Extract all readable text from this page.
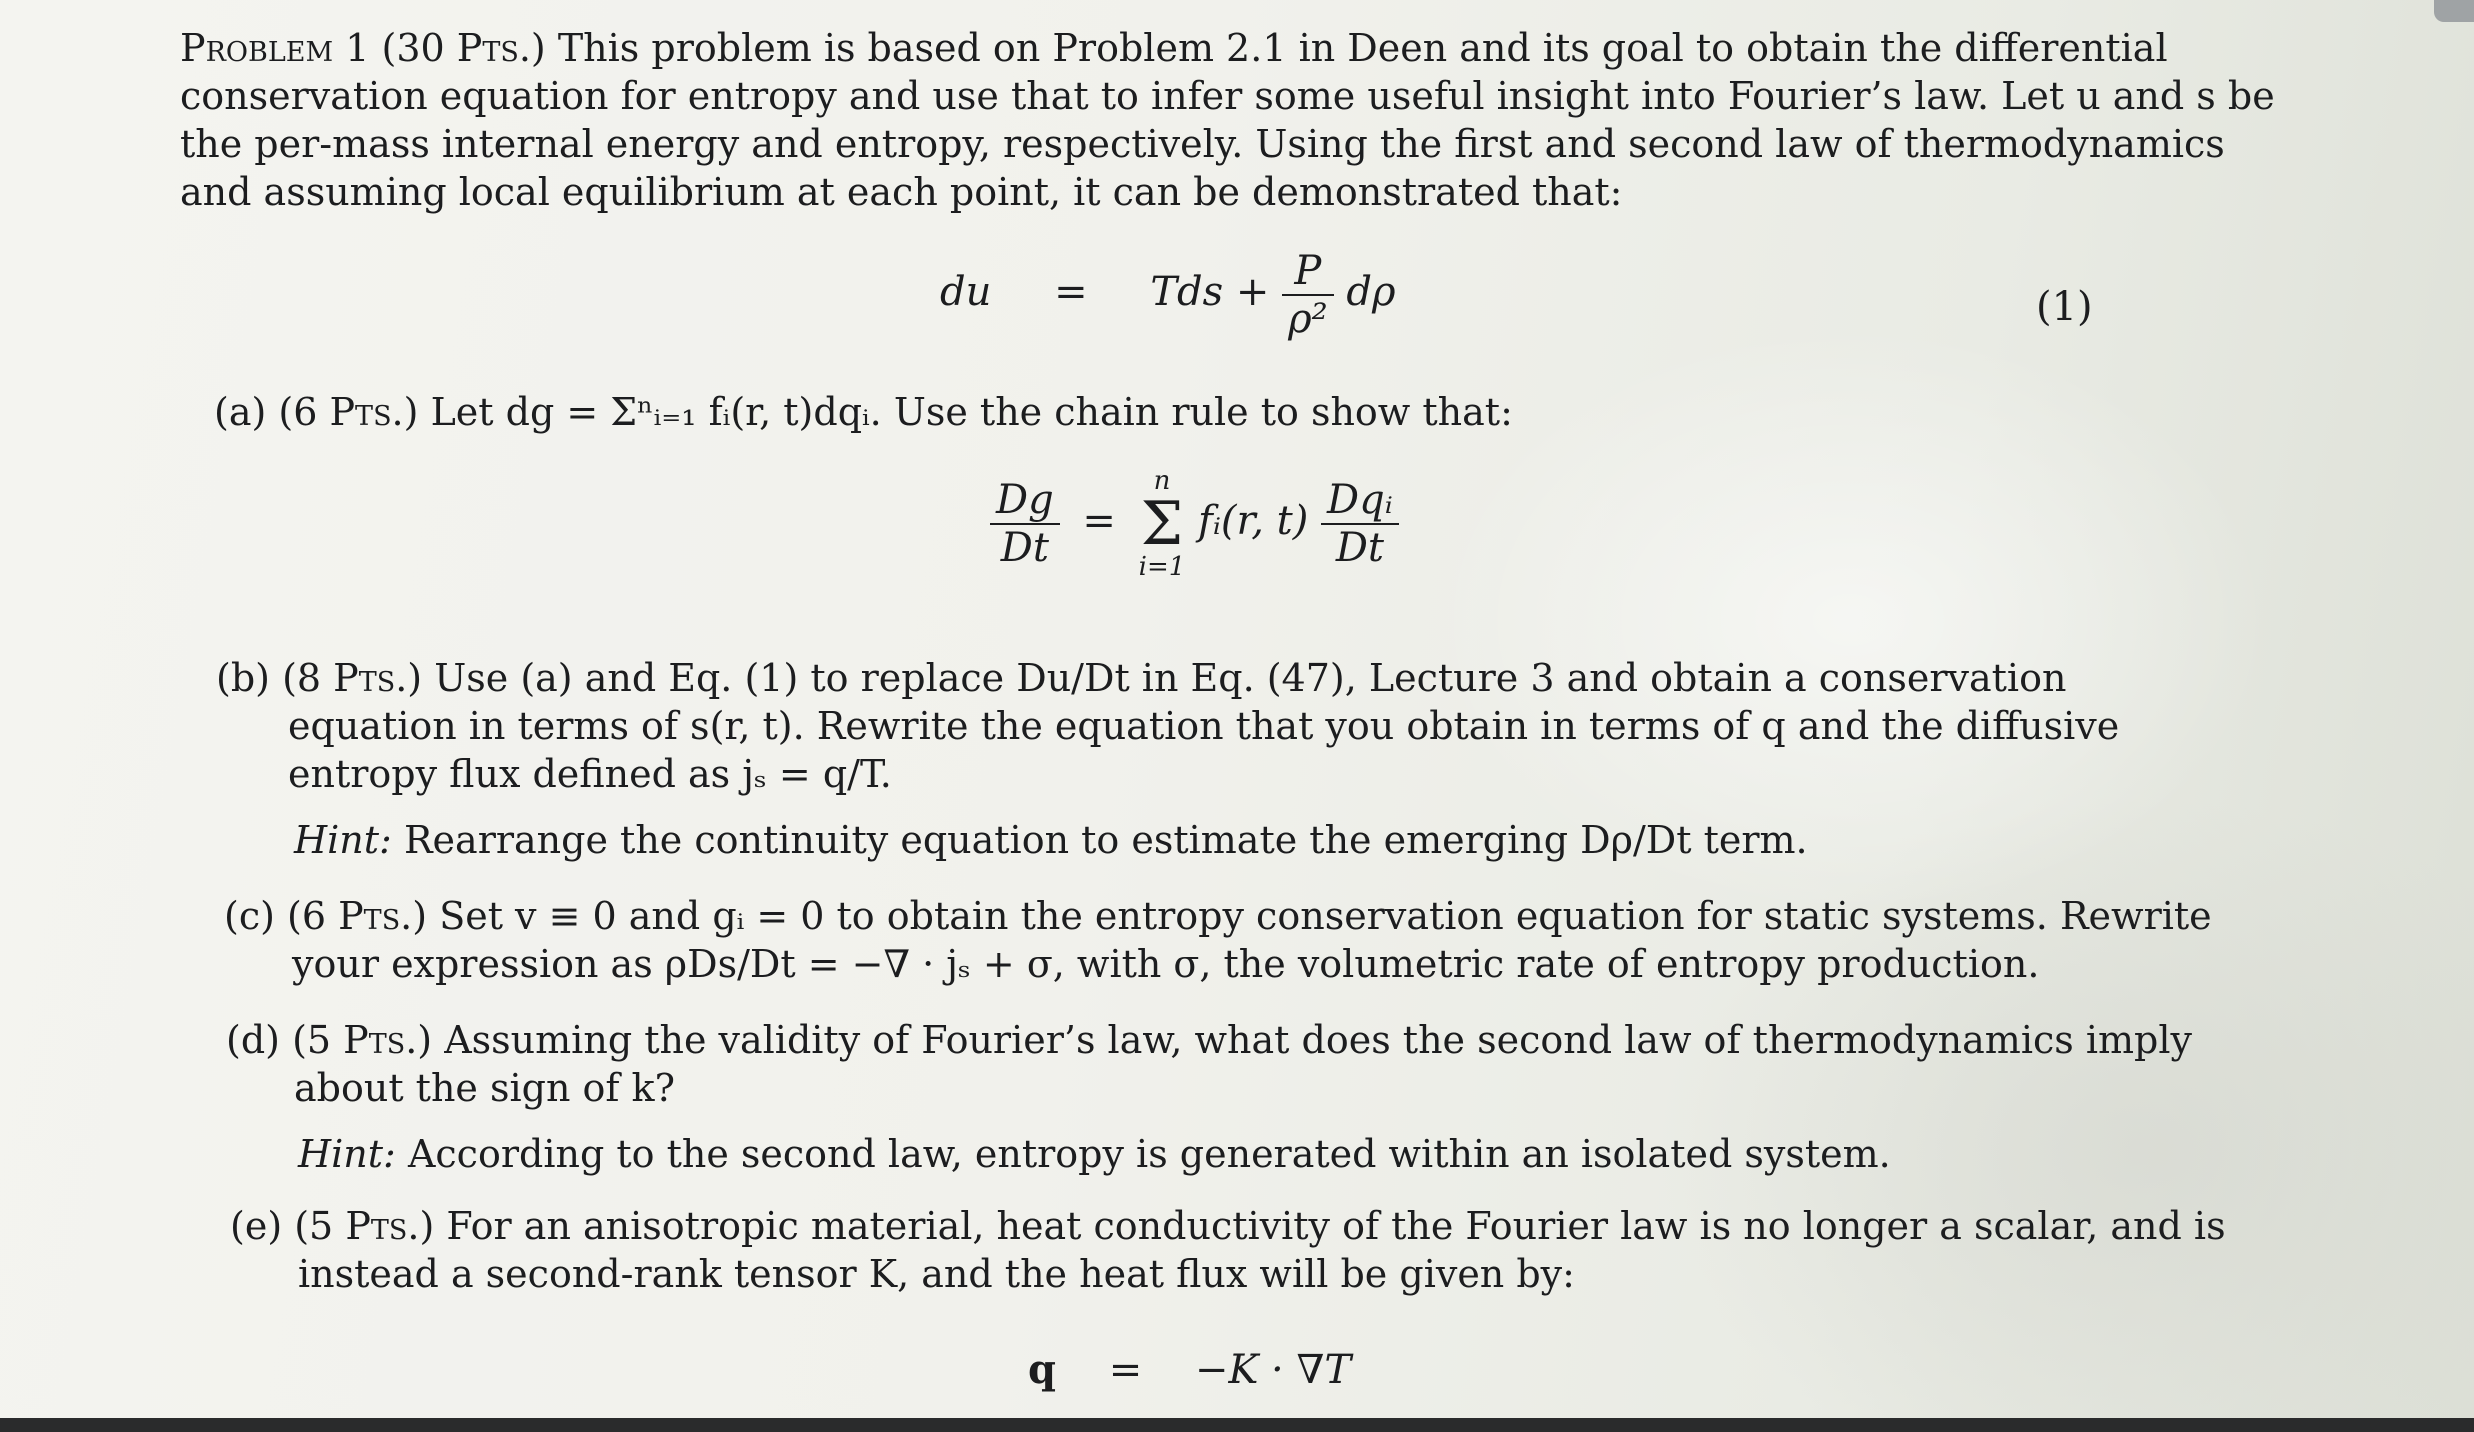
Problem 1 (30 Pts.) This problem is based on Problem 2.1 in Deen and its goal to obtain the differential
conservation equation for entropy and use that to infer some useful insight into Fourier’s law. Let u and s be
the per-mass internal energy and entropy, respectively. Using the first and second law of thermodynamics
and assuming local equilibrium at each point, it can be demonstrated that:
du = Tds + $\frac{P}{\text{ρ²}}$ dρ	(1)
(a) (6 Pts.) Let dg = Σⁿᵢ₌₁ fᵢ(r, t)dqᵢ. Use the chain rule to show that:
$\frac{Dg}{Dt}$ =
n
Σ
i=1
fᵢ(r, $t) \frac{\text{Dqᵢ}}{Dt}$
(b) (8 Pts.) Use (a) and Eq. (1) to replace Du/Dt in Eq. (47), Lecture 3 and obtain a conservation
equation in terms of s(r, t). Rewrite the equation that you obtain in terms of q and the diffusive
entropy flux defined as jₛ = q/T.
Hint: Rearrange the continuity equation to estimate the emerging Dρ/Dt term.
(c) (6 Pts.) Set v ≡ 0 and gᵢ = 0 to obtain the entropy conservation equation for static systems. Rewrite
your expression as ρDs/Dt = −∇ · jₛ + σ, with σ, the volumetric rate of entropy production.
(d) (5 Pts.) Assuming the validity of Fourier’s law, what does the second law of thermodynamics imply
about the sign of k?
Hint: According to the second law, entropy is generated within an isolated system.
(e) (5 Pts.) For an anisotropic material, heat conductivity of the Fourier law is no longer a scalar, and is
instead a second-rank tensor K, and the heat flux will be given by:
q = −K · ∇T
